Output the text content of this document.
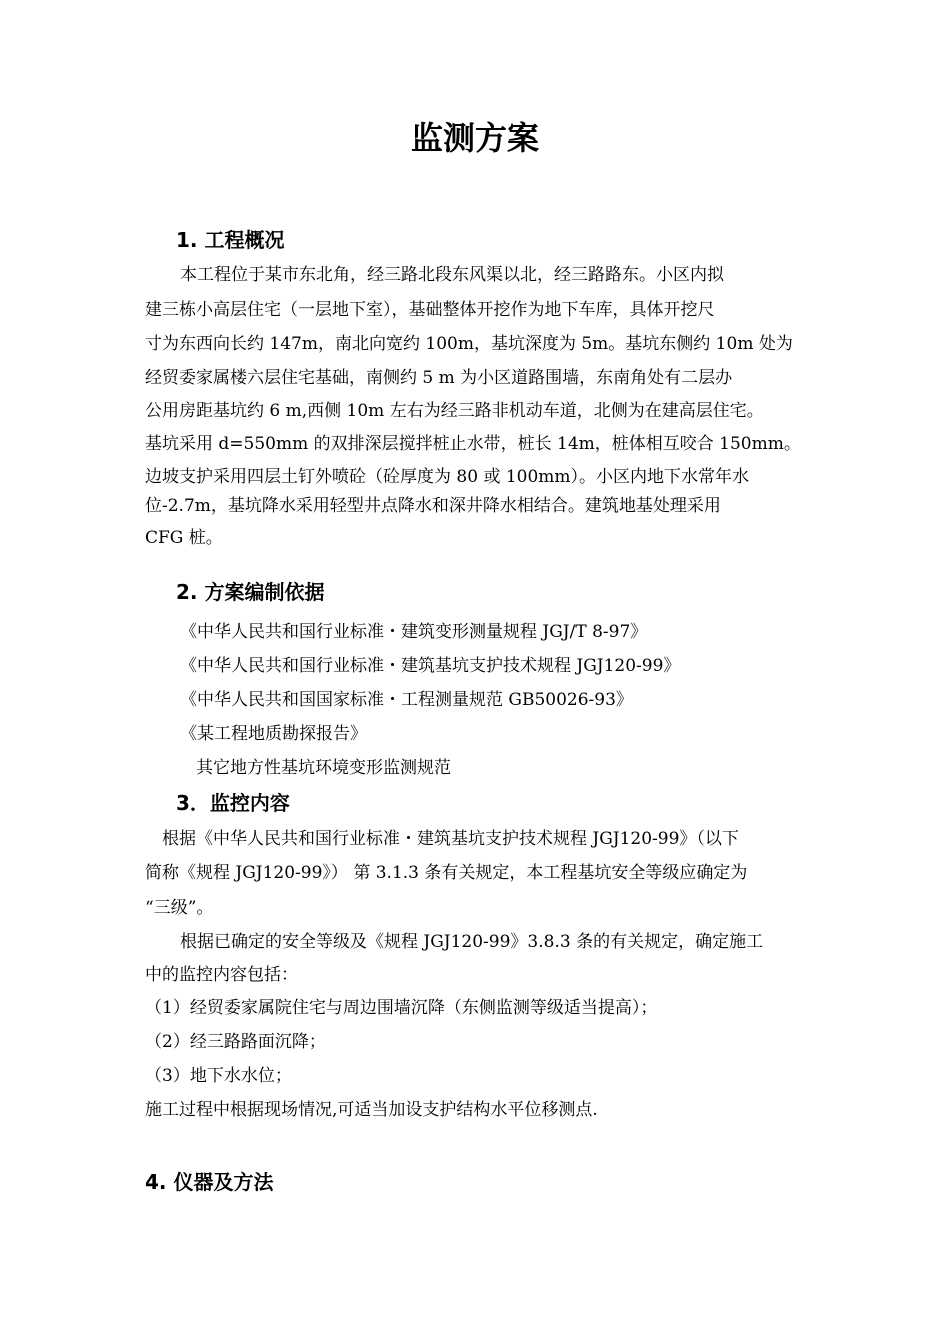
监测方案
1. 工程概况
本工程位于某市东北角，经三路北段东风渠以北，经三路路东。小区内拟
建三栋小高层住宅（一层地下室），基础整体开挖作为地下车库，具体开挖尺
寸为东西向长约 147m，南北向宽约 100m，基坑深度为 5m。基坑东侧约 10m 处为
经贸委家属楼六层住宅基础，南侧约 5 m 为小区道路围墙，东南角处有二层办
公用房距基坑约 6 m,西侧 10m 左右为经三路非机动车道，北侧为在建高层住宅。
基坑采用 d=550mm 的双排深层搅拌桩止水带，桩长 14m，桩体相互咬合 150mm。
边坡支护采用四层土钉外喷砼（砼厚度为 80 或 100mm）。小区内地下水常年水
位-2.7m，基坑降水采用轻型井点降水和深井降水相结合。建筑地基处理采用
CFG 桩。
2. 方案编制依据
《中华人民共和国行业标准・建筑变形测量规程 JGJ/T 8-97》
《中华人民共和国行业标准・建筑基坑支护技术规程 JGJ120-99》
《中华人民共和国国家标准・工程测量规范 GB50026-93》
《某工程地质勘探报告》
其它地方性基坑环境变形监测规范
3．监控内容
根据《中华人民共和国行业标准・建筑基坑支护技术规程 JGJ120-99》（以下
简称《规程 JGJ120-99》） 第 3.1.3 条有关规定，本工程基坑安全等级应确定为
“三级”。
根据已确定的安全等级及《规程 JGJ120-99》3.8.3 条的有关规定，确定施工
中的监控内容包括：
（1）经贸委家属院住宅与周边围墙沉降（东侧监测等级适当提高）；
（2）经三路路面沉降；
（3）地下水水位；
施工过程中根据现场情况,可适当加设支护结构水平位移测点.
4. 仪器及方法
